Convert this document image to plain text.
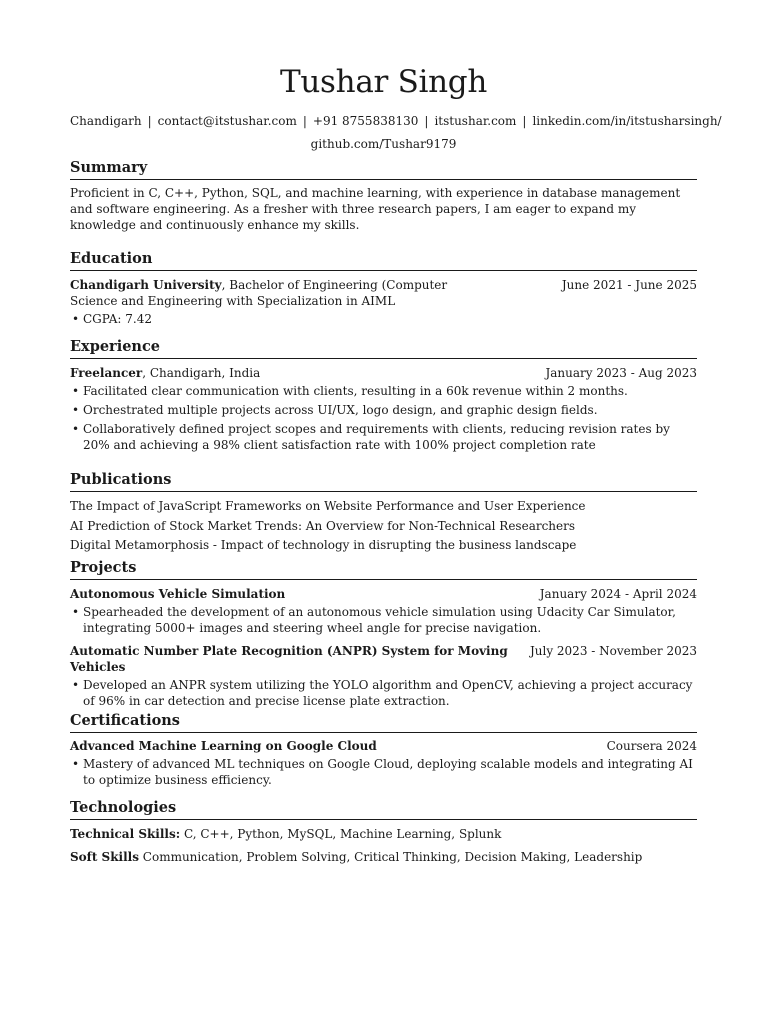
Tushar Singh
Chandigarh | contact@itstushar.com | +91 8755838130 | itstushar.com | linkedin.com/in/itstusharsingh/
github.com/Tushar9179
Summary
Proficient in C, C++, Python, SQL, and machine learning, with experience in database management and software engineering. As a fresher with three research papers, I am eager to expand my knowledge and continuously enhance my skills.
Education
Chandigarh University, Bachelor of Engineering (Computer Science and Engineering with Specialization in AIML
June 2021 - June 2025
• CGPA: 7.42
Experience
Freelancer, Chandigarh, India	January 2023 - Aug 2023
• Facilitated clear communication with clients, resulting in a 60k revenue within 2 months.
• Orchestrated multiple projects across UI/UX, logo design, and graphic design fields.
• Collaboratively defined project scopes and requirements with clients, reducing revision rates by 20% and achieving a 98% client satisfaction rate with 100% project completion rate
Publications
The Impact of JavaScript Frameworks on Website Performance and User Experience
AI Prediction of Stock Market Trends: An Overview for Non-Technical Researchers
Digital Metamorphosis - Impact of technology in disrupting the business landscape
Projects
Autonomous Vehicle Simulation	January 2024 - April 2024
• Spearheaded the development of an autonomous vehicle simulation using Udacity Car Simulator, integrating 5000+ images and steering wheel angle for precise navigation.
Automatic Number Plate Recognition (ANPR) System for Moving Vehicles
July 2023 - November 2023
• Developed an ANPR system utilizing the YOLO algorithm and OpenCV, achieving a project accuracy of 96% in car detection and precise license plate extraction.
Certifications
Advanced Machine Learning on Google Cloud	Coursera 2024
• Mastery of advanced ML techniques on Google Cloud, deploying scalable models and integrating AI to optimize business efficiency.
Technologies
Technical Skills: C, C++, Python, MySQL, Machine Learning, Splunk
Soft Skills Communication, Problem Solving, Critical Thinking, Decision Making, Leadership
